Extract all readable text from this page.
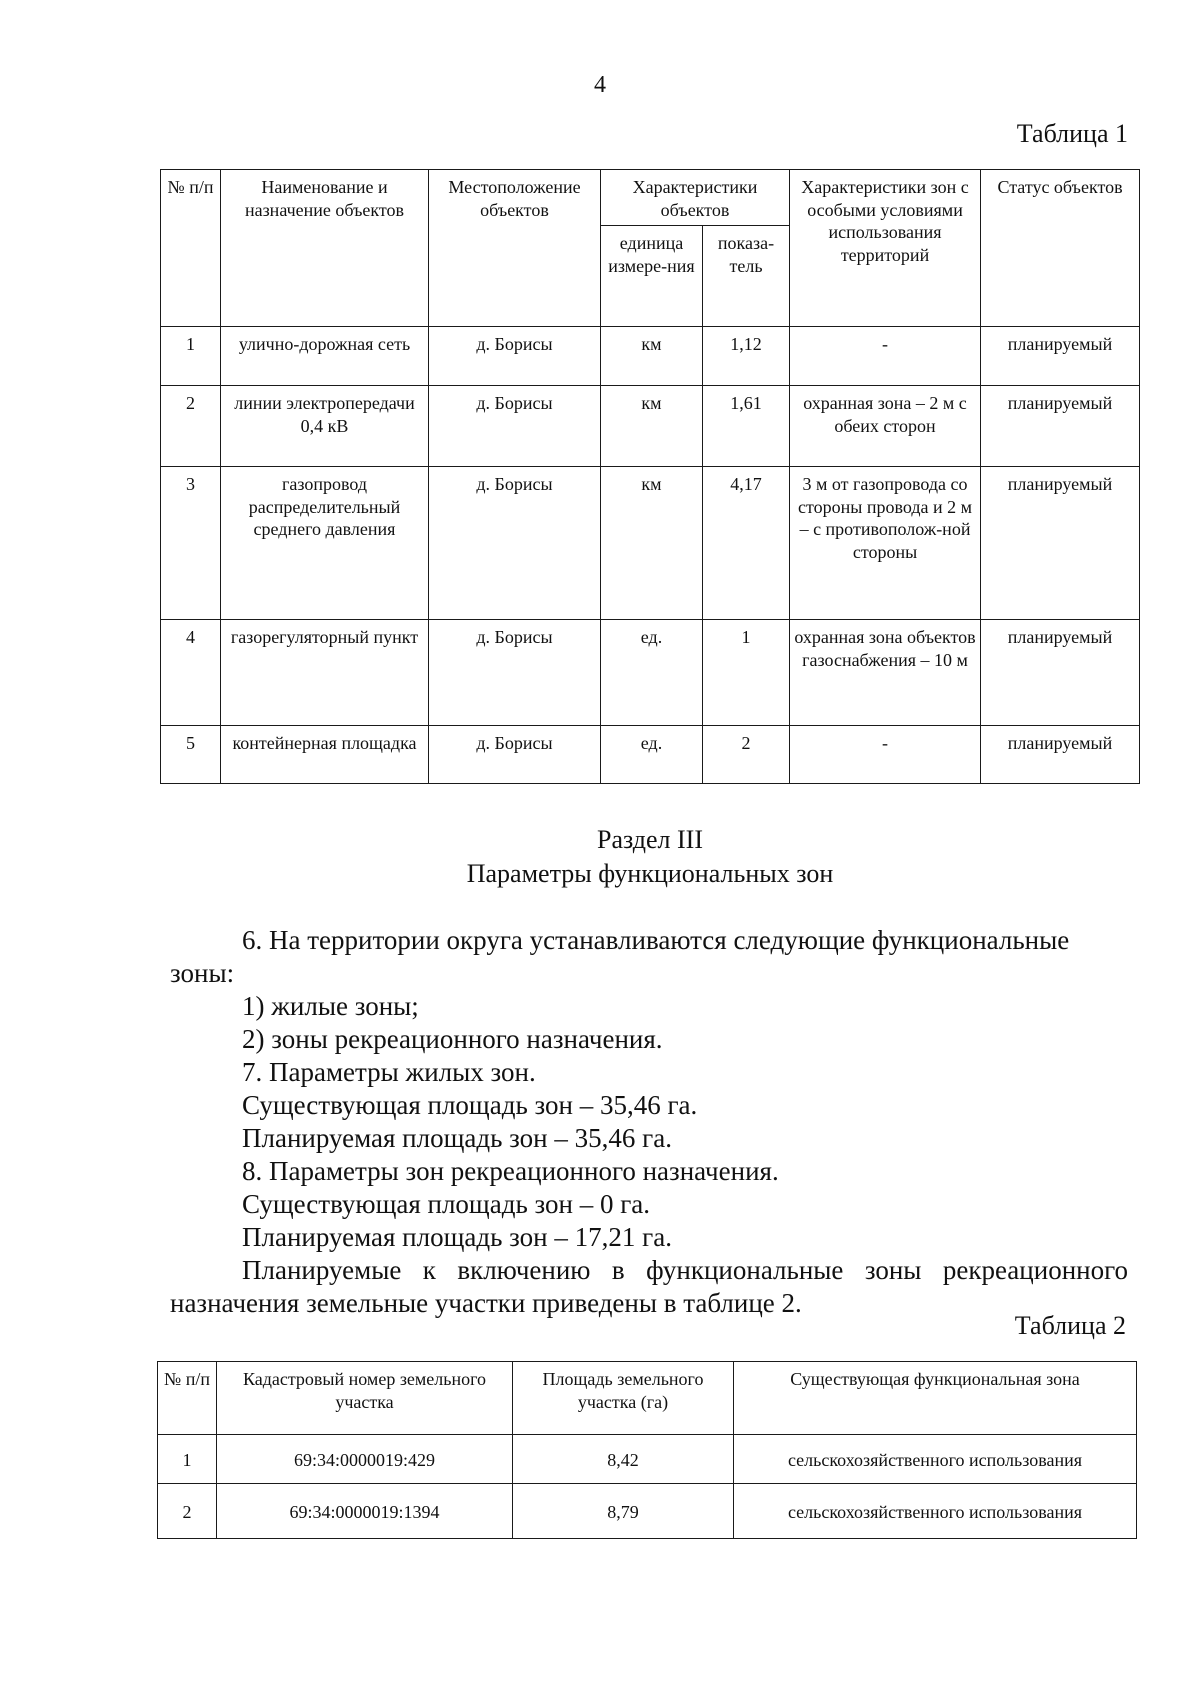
4
Таблица 1
№ п/п	Наименование и назначение объектов	Местоположение объектов	Характеристики объектов		Характеристики зон с особыми условиями использования территорий	Статус объектов
			единица измере-ния	показа-тель		
1	улично-дорожная сеть	д. Борисы	км	1,12	-	планируемый
2	линии электропередачи 0,4 кВ	д. Борисы	км	1,61	охранная зона – 2 м с обеих сторон	планируемый
3	газопровод распределительный среднего давления	д. Борисы	км	4,17	3 м от газопровода со стороны провода и 2 м – с противополож-ной стороны	планируемый
4	газорегуляторный пункт	д. Борисы	ед.	1	охранная зона объектов газоснабжения – 10 м	планируемый
5	контейнерная площадка	д. Борисы	ед.	2	-	планируемый
Раздел III
Параметры функциональных зон
6. На территории округа устанавливаются следующие функциональные
зоны:
1) жилые зоны;
2) зоны рекреационного назначения.
7. Параметры жилых зон.
Существующая площадь зон – 35,46 га.
Планируемая площадь зон – 35,46 га.
8. Параметры зон рекреационного назначения.
Существующая площадь зон – 0 га.
Планируемая площадь зон – 17,21 га.
Планируемые к включению в функциональные зоны рекреационного
назначения земельные участки приведены в таблице 2.
Таблица 2
№ п/п	Кадастровый номер земельного участка	Площадь земельного участка (га)	Существующая функциональная зона
1	69:34:0000019:429	8,42	сельскохозяйственного использования
2	69:34:0000019:1394	8,79	сельскохозяйственного использования
